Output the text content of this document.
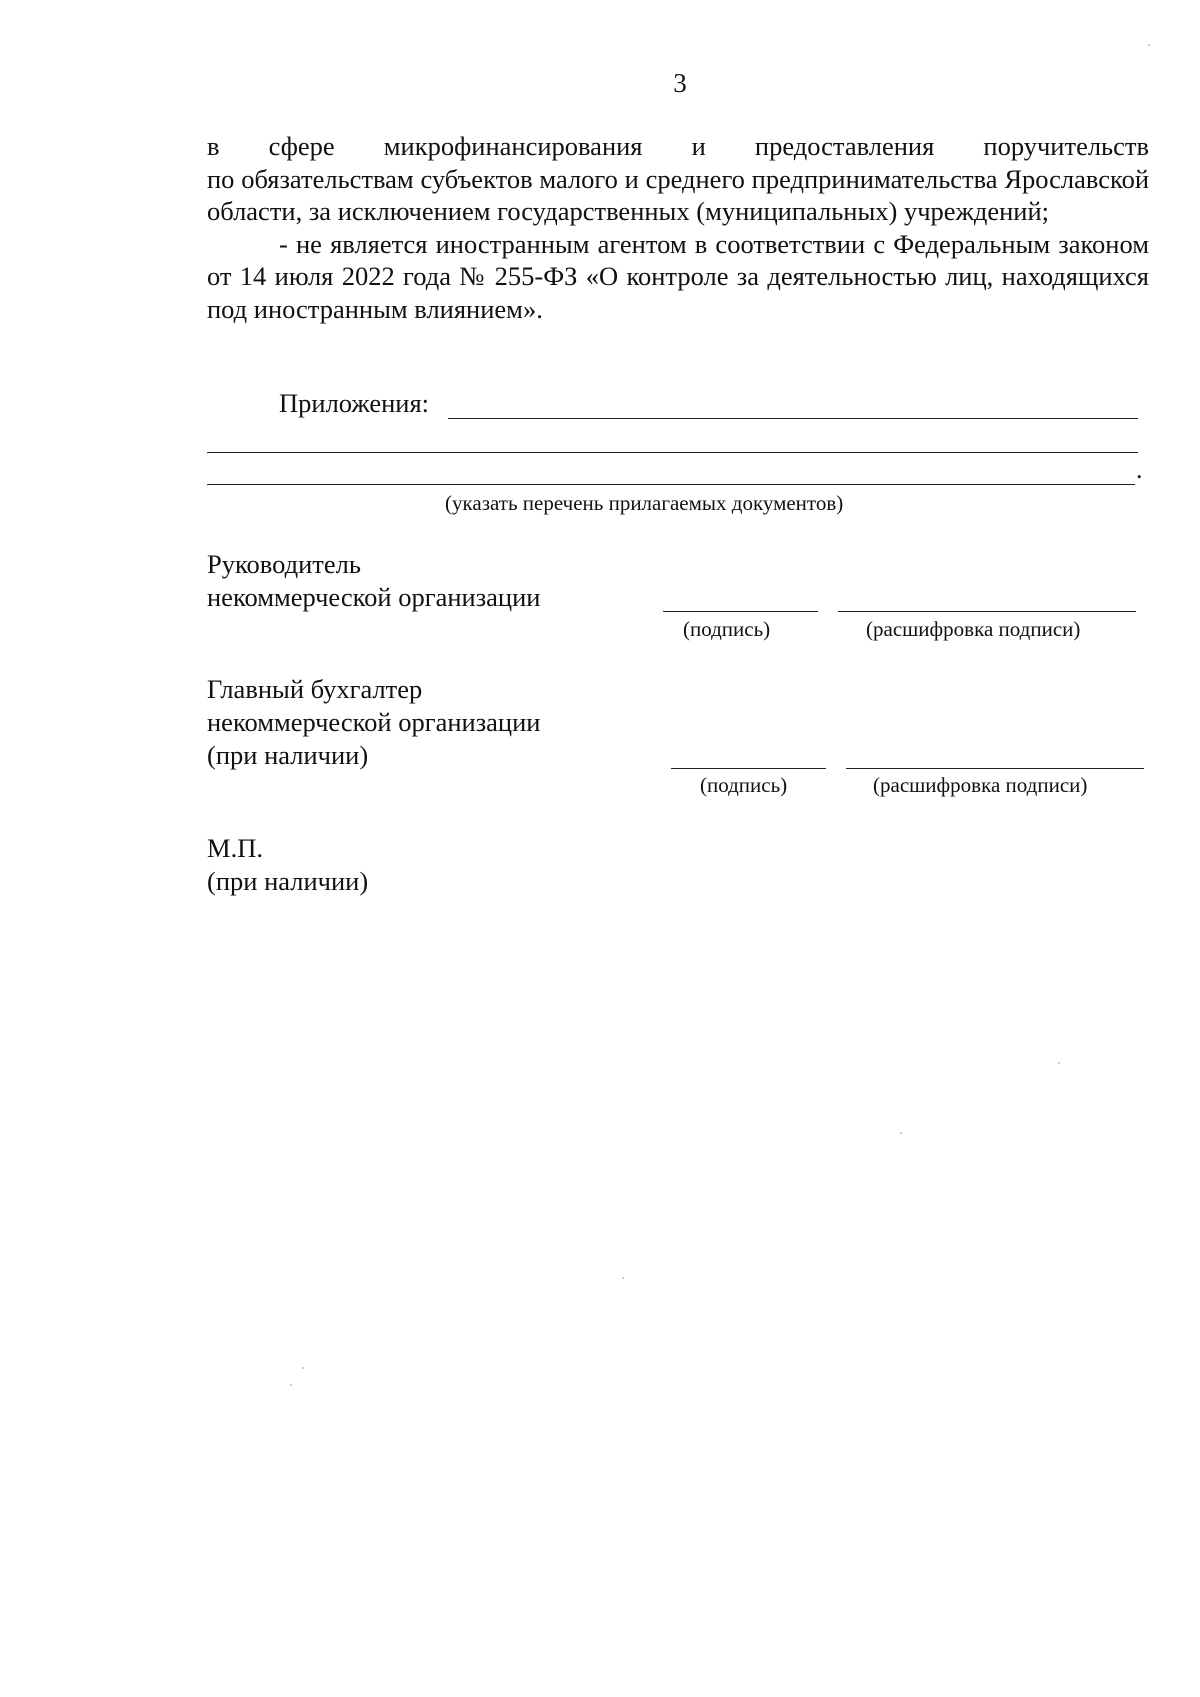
3

в сфере микрофинансирования и предоставления поручительств

по обязательствам субъектов малого и среднего предпринимательства Ярославской области, за исключением государственных (муниципальных) учреждений;

- не является иностранным агентом в соответствии с Федеральным законом от 14 июля 2022 года № 255-ФЗ «О контроле за деятельностью лиц, находящихся под иностранным влиянием».

Приложения:
.
(указать перечень прилагаемых документов)
Руководитель
некоммерческой организации
(подпись)	(расшифровка подписи)
Главный бухгалтер
некоммерческой организации
(при наличии)
(подпись)	(расшифровка подписи)
М.П.
(при наличии)
